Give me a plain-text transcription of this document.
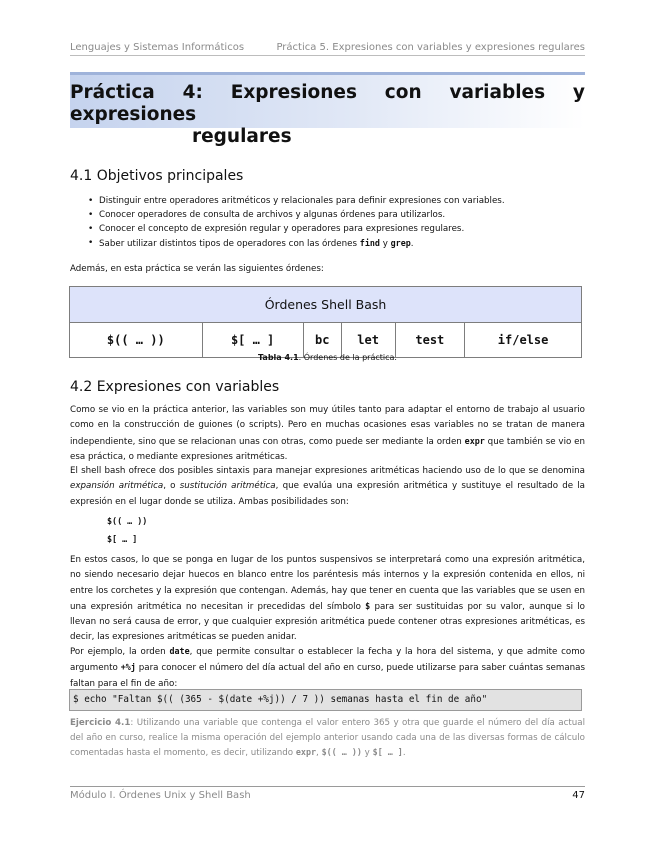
Lenguajes y Sistemas Informáticos	Práctica 5. Expresiones con variables y expresiones regulares
Práctica 4: Expresiones con variables y expresiones
regulares
4.1 Objetivos principales
• Distinguir entre operadores aritméticos y relacionales para definir expresiones con variables.
• Conocer operadores de consulta de archivos y algunas órdenes para utilizarlos.
• Conocer el concepto de expresión regular y operadores para expresiones regulares.
• Saber utilizar distintos tipos de operadores con las órdenes find y grep.

Además, en esta práctica se verán las siguientes órdenes:

Órdenes Shell Bash
$(( … ))	$[ … ]	bc	let	test	if/else
Tabla 4.1. Órdenes de la práctica.
4.2 Expresiones con variables

Como se vio en la práctica anterior, las variables son muy útiles tanto para adaptar el entorno de trabajo al usuario como en la construcción de guiones (o scripts). Pero en muchas ocasiones esas variables no se tratan de manera independiente, sino que se relacionan unas con otras, como puede ser mediante la orden expr que también se vio en esa práctica, o mediante expresiones aritméticas.

El shell bash ofrece dos posibles sintaxis para manejar expresiones aritméticas haciendo uso de lo que se denomina expansión aritmética, o sustitución aritmética, que evalúa una expresión aritmética y sustituye el resultado de la expresión en el lugar donde se utiliza. Ambas posibilidades son:

$(( … ))
$[ … ]

En estos casos, lo que se ponga en lugar de los puntos suspensivos se interpretará como una expresión aritmética, no siendo necesario dejar huecos en blanco entre los paréntesis más internos y la expresión contenida en ellos, ni entre los corchetes y la expresión que contengan. Además, hay que tener en cuenta que las variables que se usen en una expresión aritmética no necesitan ir precedidas del símbolo $ para ser sustituidas por su valor, aunque si lo llevan no será causa de error, y que cualquier expresión aritmética puede contener otras expresiones aritméticas, es decir, las expresiones aritméticas se pueden anidar.

Por ejemplo, la orden date, que permite consultar o establecer la fecha y la hora del sistema, y que admite como argumento +%j para conocer el número del día actual del año en curso, puede utilizarse para saber cuántas semanas faltan para el fin de año:

$ echo "Faltan $(( (365 - $(date +%j)) / 7 )) semanas hasta el fin de año"

Ejercicio 4.1: Utilizando una variable que contenga el valor entero 365 y otra que guarde el número del día actual del año en curso, realice la misma operación del ejemplo anterior usando cada una de las diversas formas de cálculo comentadas hasta el momento, es decir, utilizando expr, $(( … )) y $[ … ].

Módulo I. Órdenes Unix y Shell Bash	47
